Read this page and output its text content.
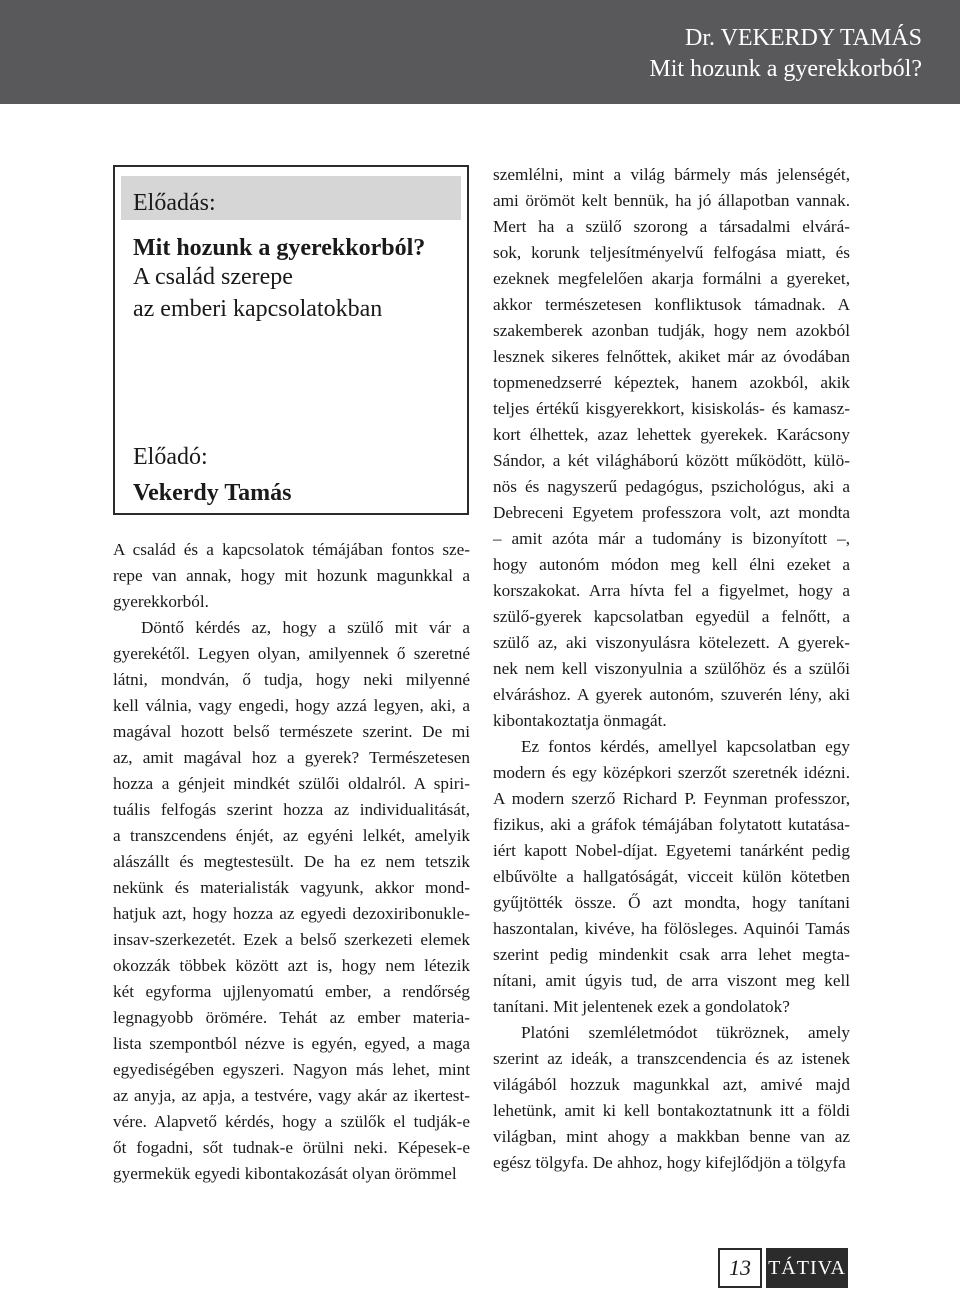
Dr. VEKERDY TAMÁS
Mit hozunk a gyerekkorból?
Előadás:
Mit hozunk a gyerekkorból?
A család szerepe
az emberi kapcsolatokban
Előadó:
Vekerdy Tamás
A család és a kapcsolatok témájában fontos sze-
repe van annak, hogy mit hozunk magunkkal a
gyerekkorból.
Döntő kérdés az, hogy a szülő mit vár a
gyerekétől. Legyen olyan, amilyennek ő szeretné
látni, mondván, ő tudja, hogy neki milyenné
kell válnia, vagy engedi, hogy azzá legyen, aki, a
magával hozott belső természete szerint. De mi
az, amit magával hoz a gyerek? Természetesen
hozza a génjeit mindkét szülői oldalról. A spiri-
tuális felfogás szerint hozza az individualitását,
a transzcendens énjét, az egyéni lelkét, amelyik
alászállt és megtestesült. De ha ez nem tetszik
nekünk és materialisták vagyunk, akkor mond-
hatjuk azt, hogy hozza az egyedi dezoxiribonukle-
insav-szerkezetét. Ezek a belső szerkezeti elemek
okozzák többek között azt is, hogy nem létezik
két egyforma ujjlenyomatú ember, a rendőrség
legnagyobb örömére. Tehát az ember materia-
lista szempontból nézve is egyén, egyed, a maga
egyediségében egyszeri. Nagyon más lehet, mint
az anyja, az apja, a testvére, vagy akár az ikertest-
vére. Alapvető kérdés, hogy a szülők el tudják-e
őt fogadni, sőt tudnak-e örülni neki. Képesek-e
gyermekük egyedi kibontakozását olyan örömmel
szemlélni, mint a világ bármely más jelenségét,
ami örömöt kelt bennük, ha jó állapotban vannak.
Mert ha a szülő szorong a társadalmi elvárá-
sok, korunk teljesítményelvű felfogása miatt, és
ezeknek megfelelően akarja formálni a gyereket,
akkor természetesen konfliktusok támadnak. A
szakemberek azonban tudják, hogy nem azokból
lesznek sikeres felnőttek, akiket már az óvodában
topmenedzserré képeztek, hanem azokból, akik
teljes értékű kisgyerekkort, kisiskolás- és kamasz-
kort élhettek, azaz lehettek gyerekek. Karácsony
Sándor, a két világháború között működött, külö-
nös és nagyszerű pedagógus, pszichológus, aki a
Debreceni Egyetem professzora volt, azt mondta
– amit azóta már a tudomány is bizonyított –,
hogy autonóm módon meg kell élni ezeket a
korszakokat. Arra hívta fel a figyelmet, hogy a
szülő-gyerek kapcsolatban egyedül a felnőtt, a
szülő az, aki viszonyulásra kötelezett. A gyerek-
nek nem kell viszonyulnia a szülőhöz és a szülői
elváráshoz. A gyerek autonóm, szuverén lény, aki
kibontakoztatja önmagát.
Ez fontos kérdés, amellyel kapcsolatban egy
modern és egy középkori szerzőt szeretnék idézni.
A modern szerző Richard P. Feynman professzor,
fizikus, aki a gráfok témájában folytatott kutatása-
iért kapott Nobel-díjat. Egyetemi tanárként pedig
elbűvölte a hallgatóságát, vicceit külön kötetben
gyűjtötték össze. Ő azt mondta, hogy tanítani
haszontalan, kivéve, ha fölösleges. Aquinói Tamás
szerint pedig mindenkit csak arra lehet megta-
nítani, amit úgyis tud, de arra viszont meg kell
tanítani. Mit jelentenek ezek a gondolatok?
Platóni szemléletmódot tükröznek, amely
szerint az ideák, a transzcendencia és az istenek
világából hozzuk magunkkal azt, amivé majd
lehetünk, amit ki kell bontakoztatnunk itt a földi
világban, mint ahogy a makkban benne van az
egész tölgyfa. De ahhoz, hogy kifejlődjön a tölgyfa
13 TÁTIVA
